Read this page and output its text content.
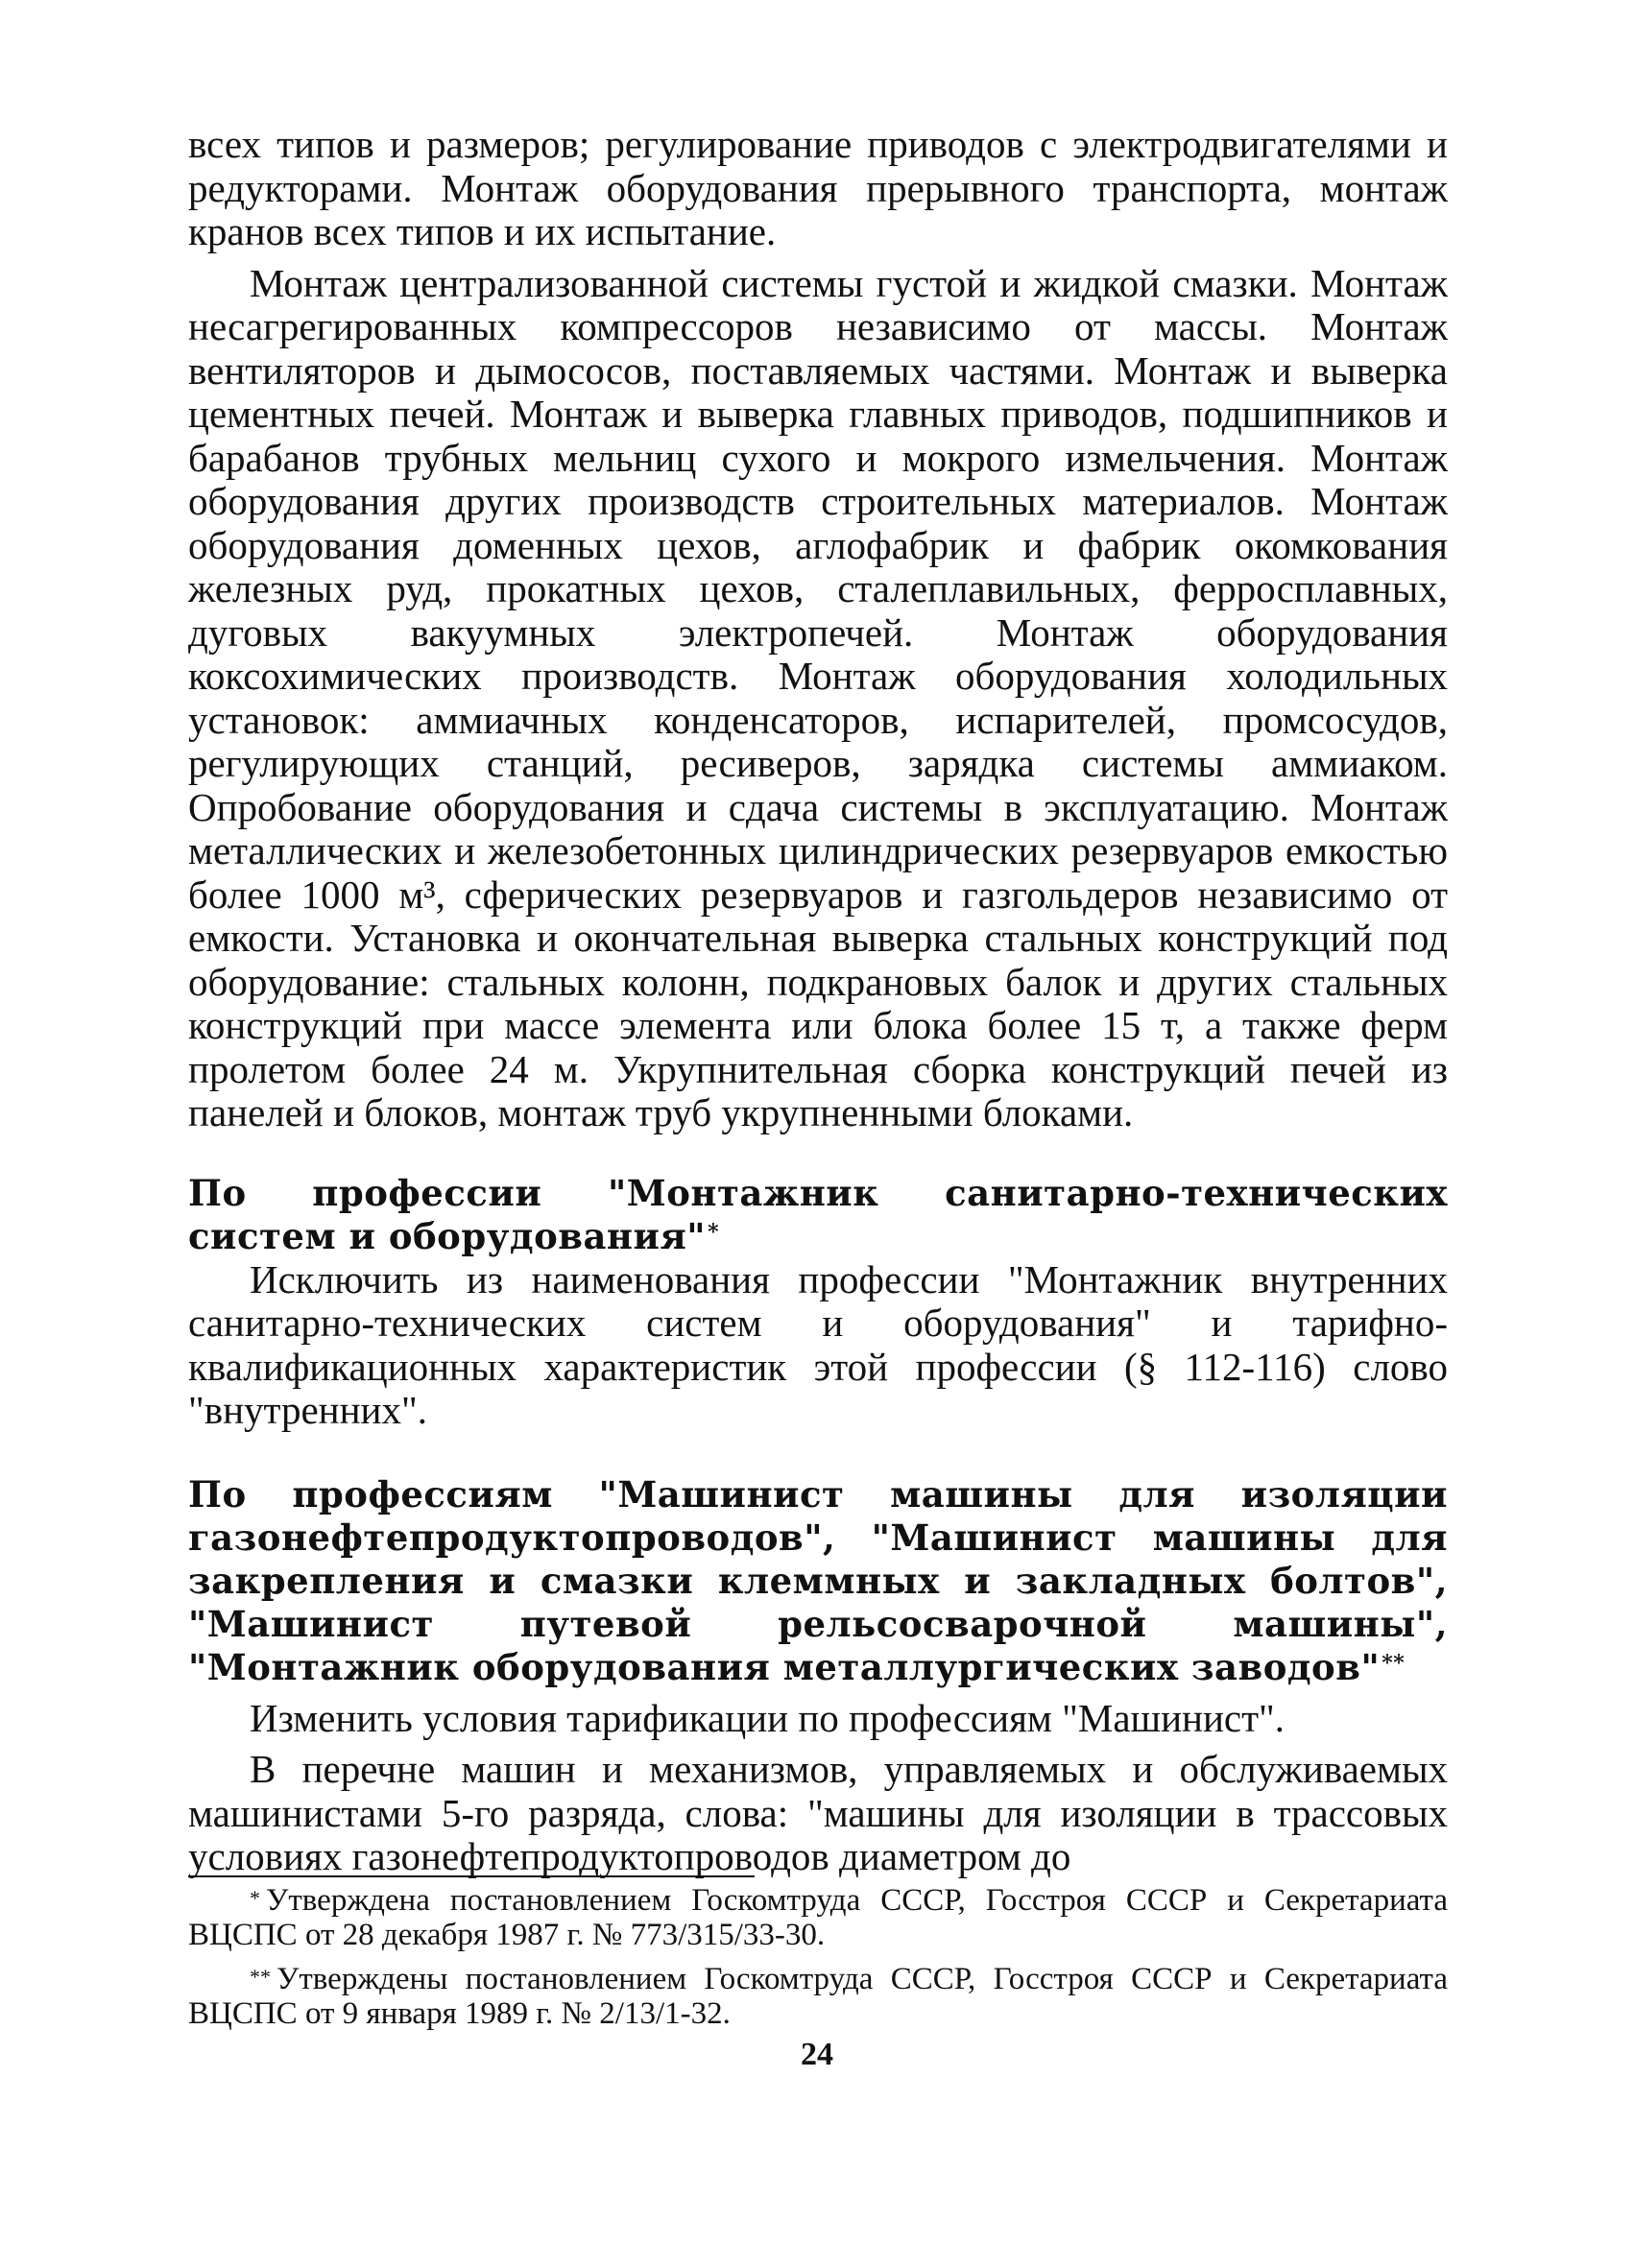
всех типов и размеров; регулирование приводов с электродвигателями и редукторами. Монтаж оборудования прерывного транспорта, монтаж кранов всех типов и их испытание.

Монтаж централизованной системы густой и жидкой смазки. Монтаж несагрегированных компрессоров независимо от массы. Монтаж вентиляторов и дымососов, поставляемых частями. Монтаж и выверка цементных печей. Монтаж и выверка главных приводов, подшипников и барабанов трубных мельниц сухого и мокрого измельчения. Монтаж оборудования других производств строительных материалов. Монтаж оборудования доменных цехов, аглофабрик и фабрик окомкования железных руд, прокатных цехов, сталеплавильных, ферросплавных, дуговых вакуумных электропечей. Монтаж оборудования коксохимических производств. Монтаж оборудования холодильных установок: аммиачных конденсаторов, испарителей, промсосудов, регулирующих станций, ресиверов, зарядка системы аммиаком. Опробование оборудования и сдача системы в эксплуатацию. Монтаж металлических и железобетонных цилиндрических резервуаров емкостью более 1000 м³, сферических резервуаров и газгольдеров независимо от емкости. Установка и окончательная выверка стальных конструкций под оборудование: стальных колонн, подкрановых балок и других стальных конструкций при массе элемента или блока более 15 т, а также ферм пролетом более 24 м. Укрупнительная сборка конструкций печей из панелей и блоков, монтаж труб укрупненными блоками.

По профессии "Монтажник санитарно-технических систем и оборудования"*

Исключить из наименования профессии "Монтажник внутренних санитарно-технических систем и оборудования" и тарифно-квалификационных характеристик этой профессии (§ 112-116) слово "внутренних".

По профессиям "Машинист машины для изоляции газонефтепродуктопроводов", "Машинист машины для закрепления и смазки клеммных и закладных болтов", "Машинист путевой рельсосварочной машины", "Монтажник оборудования металлургических заводов"**

Изменить условия тарификации по профессиям "Машинист".

В перечне машин и механизмов, управляемых и обслуживаемых машинистами 5-го разряда, слова: "машины для изоляции в трассовых условиях газонефтепродуктопроводов диаметром до

* Утверждена постановлением Госкомтруда СССР, Госстроя СССР и Секретариата ВЦСПС от 28 декабря 1987 г. № 773/315/33-30.

** Утверждены постановлением Госкомтруда СССР, Госстроя СССР и Секретариата ВЦСПС от 9 января 1989 г. № 2/13/1-32.

24
